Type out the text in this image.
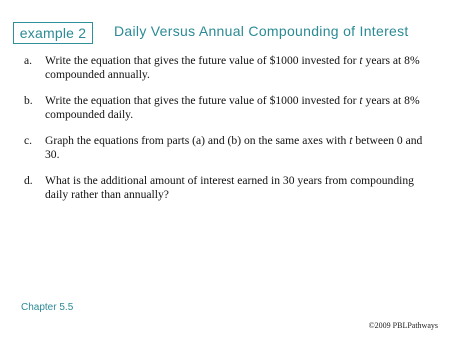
example 2	Daily Versus Annual Compounding of Interest
a. Write the equation that gives the future value of $1000 invested for t years at 8% compounded annually.
b. Write the equation that gives the future value of $1000 invested for t years at 8% compounded daily.
c. Graph the equations from parts (a) and (b) on the same axes with t between 0 and 30.
d. What is the additional amount of interest earned in 30 years from compounding daily rather than annually?
Chapter 5.5
©2009 PBLPathways
